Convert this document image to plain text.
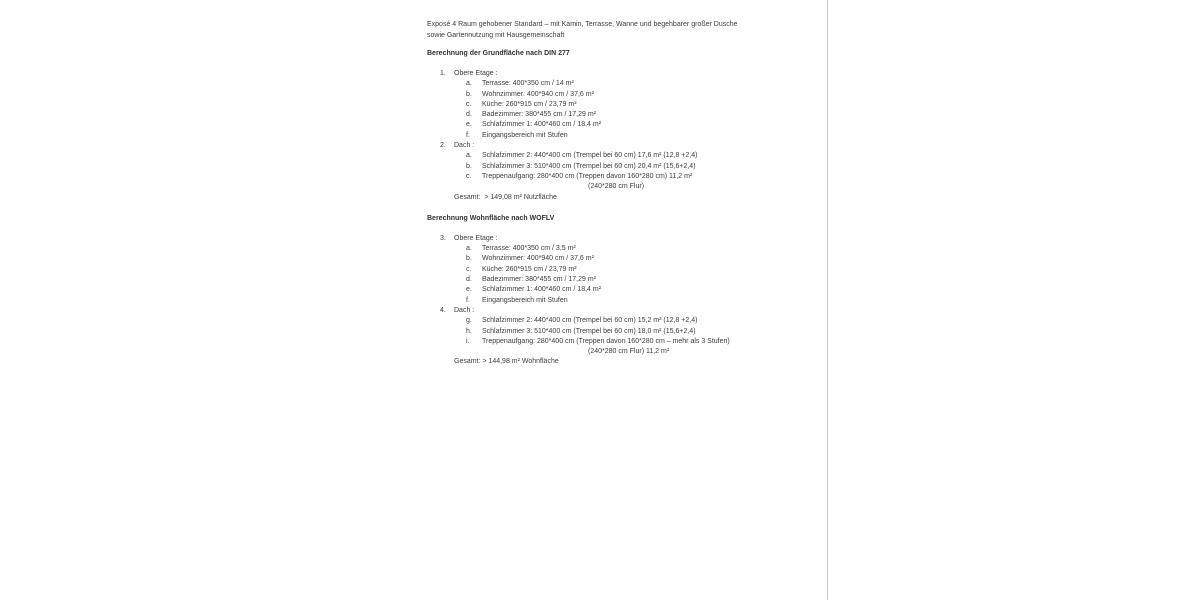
Exposé 4 Raum gehobener Standard – mit Kamin, Terrasse, Wanne und begehbarer großer Dusche
sowie Gartennutzung mit Hausgemeinschaft
Berechnung der Grundfläche nach DIN 277
1.	Obere Etage :
a.	Terrasse: 400*350 cm / 14 m²
b.	Wohnzimmer: 400*940 cm / 37,6 m²
c.	Küche: 260*915 cm / 23,79 m²
d.	Badezimmer: 380*455 cm / 17,29 m²
e.	Schlafzimmer 1: 400*460 cm / 18,4 m²
f.	Eingangsbereich mit Stufen
2.	Dach :
a.	Schlafzimmer 2: 440*400 cm (Trempel bei 60 cm) 17,6 m² (12,8 +2,4)
b.	Schlafzimmer 3: 510*400 cm (Trempel bei 60 cm) 20,4 m² (15,6+2,4)
c.	Treppenaufgang: 280*400 cm (Treppen davon 160*280 cm) 11,2 m²
(240*280 cm Flur)
Gesamt:  > 149,08 m² Nutzfläche
Berechnung Wohnfläche nach WOFLV
3.	Obere Etage :
a.	Terrasse: 400*350 cm / 3,5 m²
b.	Wohnzimmer: 400*940 cm / 37,6 m²
c.	Küche: 260*915 cm / 23,79 m²
d.	Badezimmer: 380*455 cm / 17,29 m²
e.	Schlafzimmer 1: 400*460 cm / 18,4 m²
f.	Eingangsbereich mit Stufen
4.	Dach :
g.	Schlafzimmer 2: 440*400 cm (Trempel bei 60 cm) 15,2 m² (12,8 +2,4)
h.	Schlafzimmer 3: 510*400 cm (Trempel bei 60 cm) 18,0 m² (15,6+2,4)
i.	Treppenaufgang: 280*400 cm (Treppen davon 160*280 cm – mehr als 3 Stufen)
(240*280 cm Flur) 11,2 m²
Gesamt: > 144,98 m² Wohnfläche
